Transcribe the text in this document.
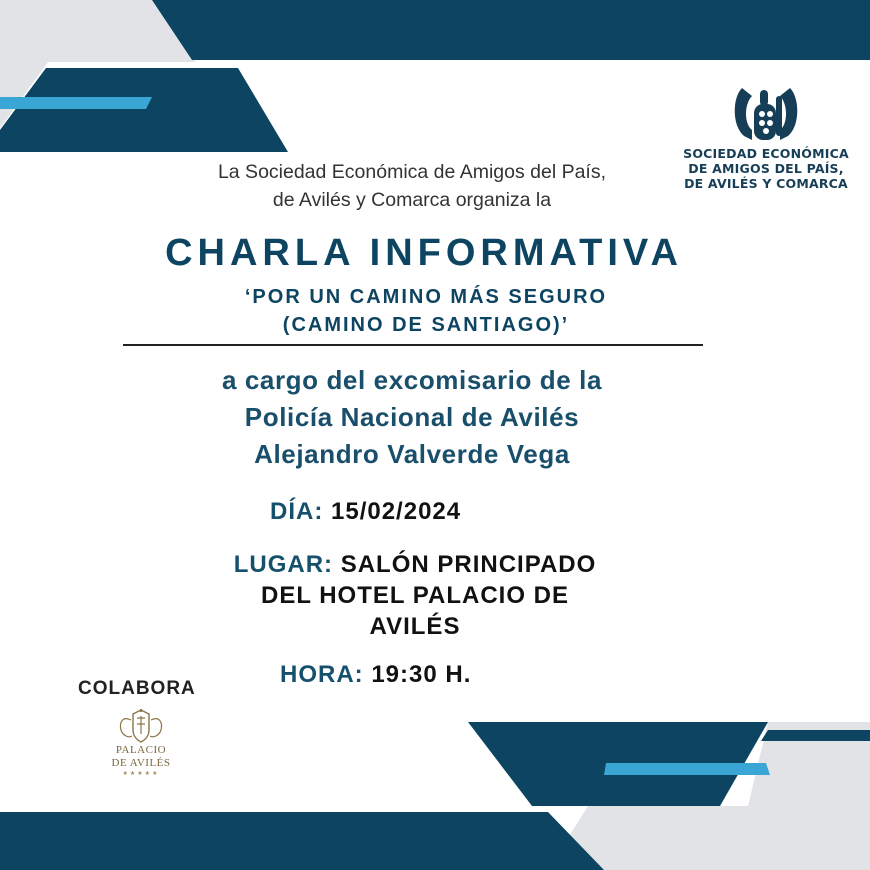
SOCIEDAD ECONÓMICA
DE AMIGOS DEL PAÍS,
DE AVILÉS Y COMARCA
La Sociedad Económica de Amigos del País,
de Avilés y Comarca organiza la
CHARLA INFORMATIVA
‘POR UN CAMINO MÁS SEGURO
(CAMINO DE SANTIAGO)’
a cargo del excomisario de la
Policía Nacional de Avilés
Alejandro Valverde Vega

DÍA: 15/02/2024

LUGAR: SALÓN PRINCIPADO
DEL HOTEL PALACIO DE
AVILÉS

HORA: 19:30 H.

COLABORA

PALACIO
DE AVILÉS
★★★★★
